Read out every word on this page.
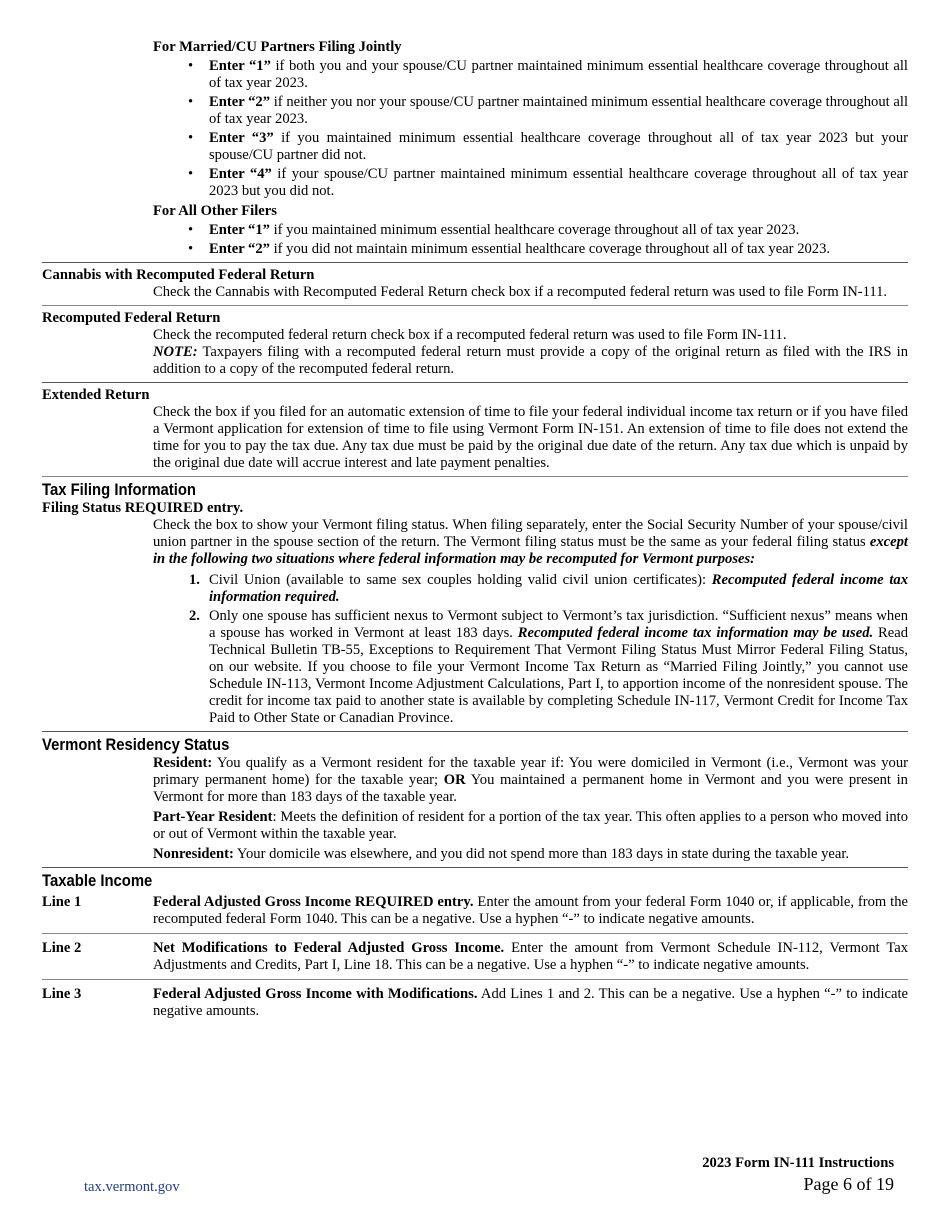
For Married/CU Partners Filing Jointly
• Enter “1” if both you and your spouse/CU partner maintained minimum essential healthcare coverage throughout all of tax year 2023.
• Enter “2” if neither you nor your spouse/CU partner maintained minimum essential healthcare coverage throughout all of tax year 2023.
• Enter “3” if you maintained minimum essential healthcare coverage throughout all of tax year 2023 but your spouse/CU partner did not.
• Enter “4” if your spouse/CU partner maintained minimum essential healthcare coverage throughout all of tax year 2023 but you did not.
For All Other Filers
• Enter “1” if you maintained minimum essential healthcare coverage throughout all of tax year 2023.
• Enter “2” if you did not maintain minimum essential healthcare coverage throughout all of tax year 2023.
Cannabis with Recomputed Federal Return
Check the Cannabis with Recomputed Federal Return check box if a recomputed federal return was used to file Form IN-111.
Recomputed Federal Return
Check the recomputed federal return check box if a recomputed federal return was used to file Form IN-111.
NOTE: Taxpayers filing with a recomputed federal return must provide a copy of the original return as filed with the IRS in addition to a copy of the recomputed federal return.
Extended Return
Check the box if you filed for an automatic extension of time to file your federal individual income tax return or if you have filed a Vermont application for extension of time to file using Vermont Form IN-151. An extension of time to file does not extend the time for you to pay the tax due. Any tax due must be paid by the original due date of the return. Any tax due which is unpaid by the original due date will accrue interest and late payment penalties.
Tax Filing Information
Filing Status REQUIRED entry.
Check the box to show your Vermont filing status. When filing separately, enter the Social Security Number of your spouse/civil union partner in the spouse section of the return. The Vermont filing status must be the same as your federal filing status except in the following two situations where federal information may be recomputed for Vermont purposes:
1. Civil Union (available to same sex couples holding valid civil union certificates): Recomputed federal income tax information required.
2. Only one spouse has sufficient nexus to Vermont subject to Vermont’s tax jurisdiction. “Sufficient nexus” means when a spouse has worked in Vermont at least 183 days. Recomputed federal income tax information may be used. Read Technical Bulletin TB-55, Exceptions to Requirement That Vermont Filing Status Must Mirror Federal Filing Status, on our website. If you choose to file your Vermont Income Tax Return as “Married Filing Jointly,” you cannot use Schedule IN-113, Vermont Income Adjustment Calculations, Part I, to apportion income of the nonresident spouse. The credit for income tax paid to another state is available by completing Schedule IN-117, Vermont Credit for Income Tax Paid to Other State or Canadian Province.
Vermont Residency Status
Resident: You qualify as a Vermont resident for the taxable year if: You were domiciled in Vermont (i.e., Vermont was your primary permanent home) for the taxable year; OR You maintained a permanent home in Vermont and you were present in Vermont for more than 183 days of the taxable year.
Part-Year Resident: Meets the definition of resident for a portion of the tax year. This often applies to a person who moved into or out of Vermont within the taxable year.
Nonresident: Your domicile was elsewhere, and you did not spend more than 183 days in state during the taxable year.
Taxable Income
Line 1	Federal Adjusted Gross Income REQUIRED entry. Enter the amount from your federal Form 1040 or, if applicable, from the recomputed federal Form 1040. This can be a negative. Use a hyphen “-” to indicate negative amounts.
Line 2	Net Modifications to Federal Adjusted Gross Income. Enter the amount from Vermont Schedule IN-112, Vermont Tax Adjustments and Credits, Part I, Line 18. This can be a negative. Use a hyphen “-” to indicate negative amounts.
Line 3	Federal Adjusted Gross Income with Modifications. Add Lines 1 and 2. This can be a negative. Use a hyphen “-” to indicate negative amounts.
2023 Form IN-111 Instructions
Page 6 of 19
tax.vermont.gov
